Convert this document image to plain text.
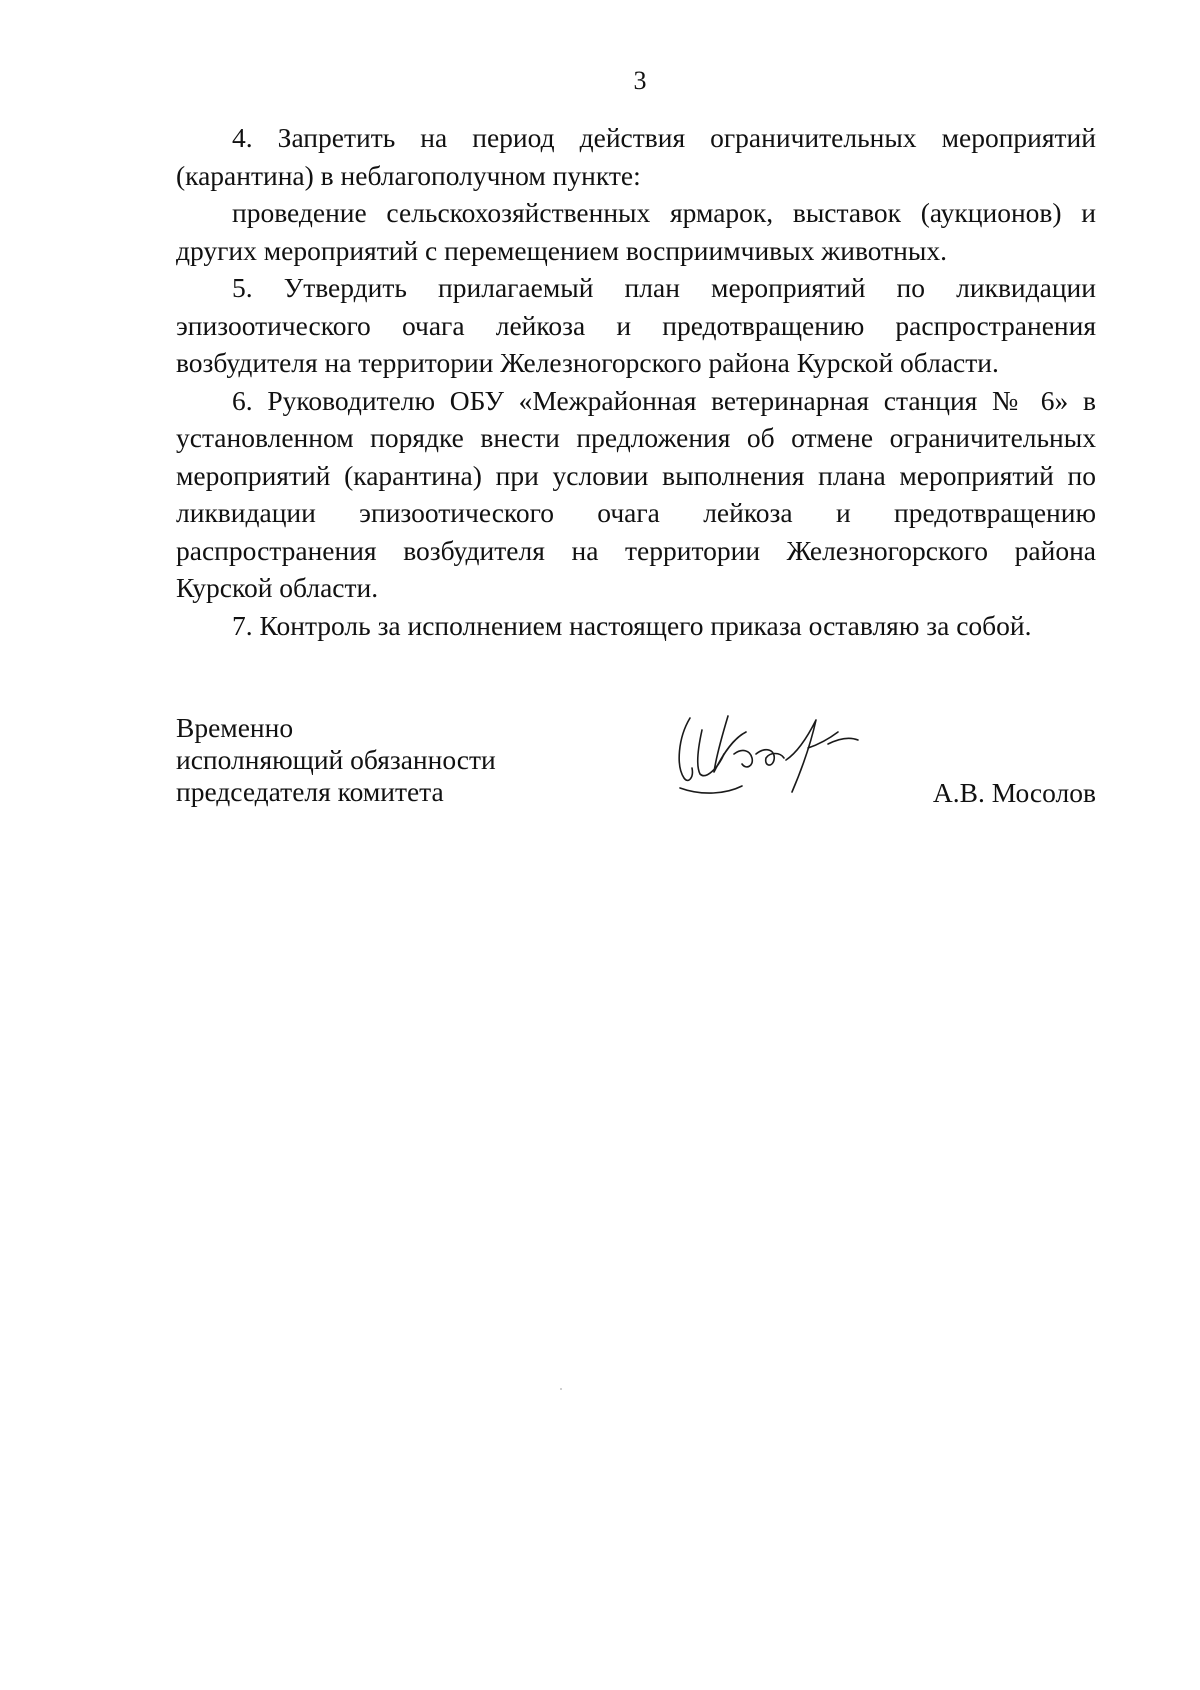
3

4. Запретить на период действия ограничительных мероприятий (карантина) в неблагополучном пункте:

проведение сельскохозяйственных ярмарок, выставок (аукционов) и других мероприятий с перемещением восприимчивых животных.

5. Утвердить прилагаемый план мероприятий по ликвидации эпизоотического очага лейкоза и предотвращению распространения возбудителя на территории Железногорского района Курской области.

6. Руководителю ОБУ «Межрайонная ветеринарная станция № 6» в установленном порядке внести предложения об отмене ограничительных мероприятий (карантина) при условии выполнения плана мероприятий по ликвидации эпизоотического очага лейкоза и предотвращению распространения возбудителя на территории Железногорского района Курской области.

7. Контроль за исполнением настоящего приказа оставляю за собой.

Временно
исполняющий обязанности
председателя комитета	А.В. Мосолов
